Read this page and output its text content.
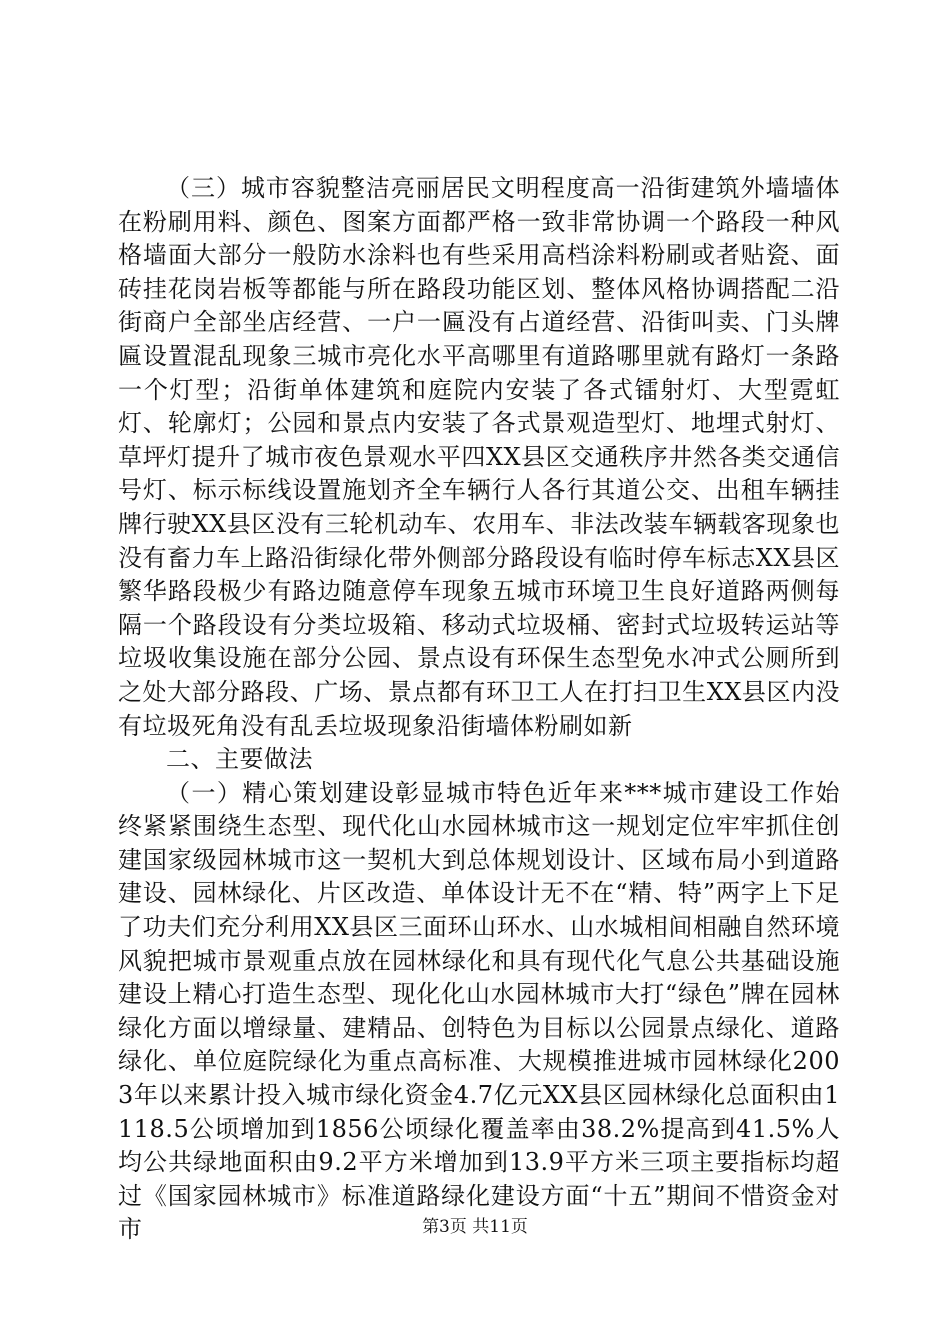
（三）城市容貌整洁亮丽居民文明程度高一沿街建筑外墙墙体在粉刷用料、颜色、图案方面都严格一致非常协调一个路段一种风格墙面大部分一般防水涂料也有些采用高档涂料粉刷或者贴瓷、面砖挂花岗岩板等都能与所在路段功能区划、整体风格协调搭配二沿街商户全部坐店经营、一户一匾没有占道经营、沿街叫卖、门头牌匾设置混乱现象三城市亮化水平高哪里有道路哪里就有路灯一条路一个灯型；沿街单体建筑和庭院内安装了各式镭射灯、大型霓虹灯、轮廓灯；公园和景点内安装了各式景观造型灯、地埋式射灯、草坪灯提升了城市夜色景观水平四XX县区交通秩序井然各类交通信号灯、标示标线设置施划齐全车辆行人各行其道公交、出租车辆挂牌行驶XX县区没有三轮机动车、农用车、非法改装车辆载客现象也没有畜力车上路沿街绿化带外侧部分路段设有临时停车标志XX县区繁华路段极少有路边随意停车现象五城市环境卫生良好道路两侧每隔一个路段设有分类垃圾箱、移动式垃圾桶、密封式垃圾转运站等垃圾收集设施在部分公园、景点设有环保生态型免水冲式公厕所到之处大部分路段、广场、景点都有环卫工人在打扫卫生XX县区内没有垃圾死角没有乱丢垃圾现象沿街墙体粉刷如新

二、主要做法

（一）精心策划建设彰显城市特色近年来***城市建设工作始终紧紧围绕生态型、现代化山水园林城市这一规划定位牢牢抓住创建国家级园林城市这一契机大到总体规划设计、区域布局小到道路建设、园林绿化、片区改造、单体设计无不在“精、特”两字上下足了功夫们充分利用XX县区三面环山环水、山水城相间相融自然环境风貌把城市景观重点放在园林绿化和具有现代化气息公共基础设施建设上精心打造生态型、现化化山水园林城市大打“绿色”牌在园林绿化方面以增绿量、建精品、创特色为目标以公园景点绿化、道路绿化、单位庭院绿化为重点高标准、大规模推进城市园林绿化2003年以来累计投入城市绿化资金4.7亿元XX县区园林绿化总面积由1118.5公顷增加到1856公顷绿化覆盖率由38.2%提高到41.5%人均公共绿地面积由9.2平方米增加到13.9平方米三项主要指标均超过《国家园林城市》标准道路绿化建设方面“十五”期间不惜资金对市	第3页 共11页
